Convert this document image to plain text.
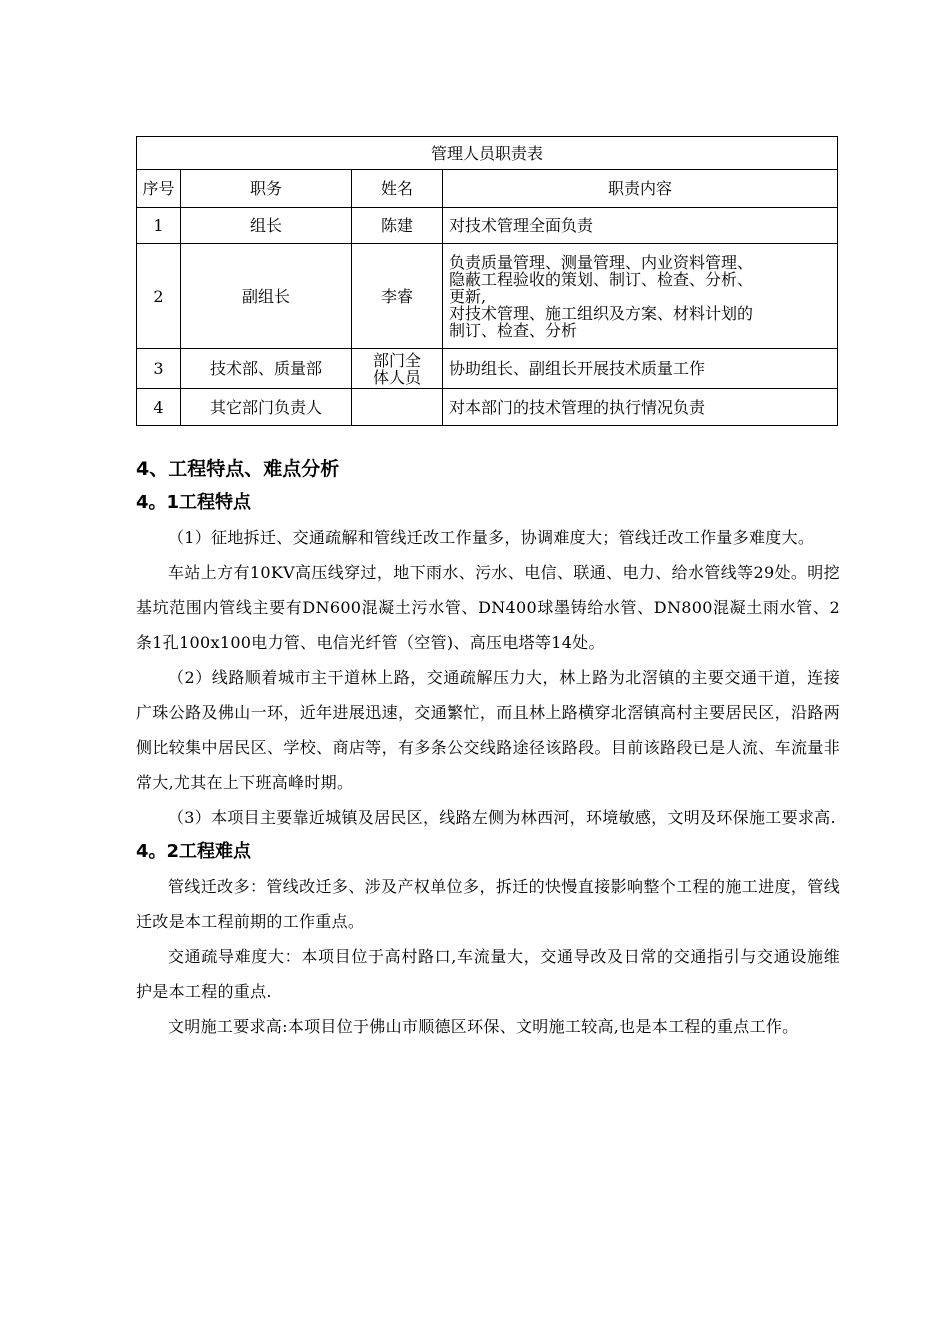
管理人员职责表			
序号	职务	姓名	职责内容
1	组长	陈建	对技术管理全面负责
2	副组长	李睿	负责质量管理、测量管理、内业资料管理、
隐蔽工程验收的策划、制订、检查、分析、
更新,
对技术管理、施工组织及方案、材料计划的
制订、检查、分析

3	技术部、质量部	部门全体人员	协助组长、副组长开展技术质量工作
4	其它部门负责人		对本部门的技术管理的执行情况负责
4、工程特点、难点分析
4。1工程特点

（1）征地拆迁、交通疏解和管线迁改工作量多，协调难度大；管线迁改工作量多难度大。

车站上方有10KV高压线穿过，地下雨水、污水、电信、联通、电力、给水管线等29处。明挖基坑范围内管线主要有DN600混凝土污水管、DN400球墨铸给水管、DN800混凝土雨水管、2条1孔100x100电力管、电信光纤管（空管)、高压电塔等14处。

（2）线路顺着城市主干道林上路，交通疏解压力大，林上路为北滘镇的主要交通干道，连接广珠公路及佛山一环，近年进展迅速，交通繁忙，而且林上路横穿北滘镇高村主要居民区，沿路两侧比较集中居民区、学校、商店等，有多条公交线路途径该路段。目前该路段已是人流、车流量非常大,尤其在上下班高峰时期。

（3）本项目主要靠近城镇及居民区，线路左侧为林西河，环境敏感，文明及环保施工要求高.

4。2工程难点

管线迁改多：管线改迁多、涉及产权单位多，拆迁的快慢直接影响整个工程的施工进度，管线迁改是本工程前期的工作重点。

交通疏导难度大：本项目位于高村路口,车流量大，交通导改及日常的交通指引与交通设施维护是本工程的重点.

文明施工要求高:本项目位于佛山市顺德区环保、文明施工较高,也是本工程的重点工作。
